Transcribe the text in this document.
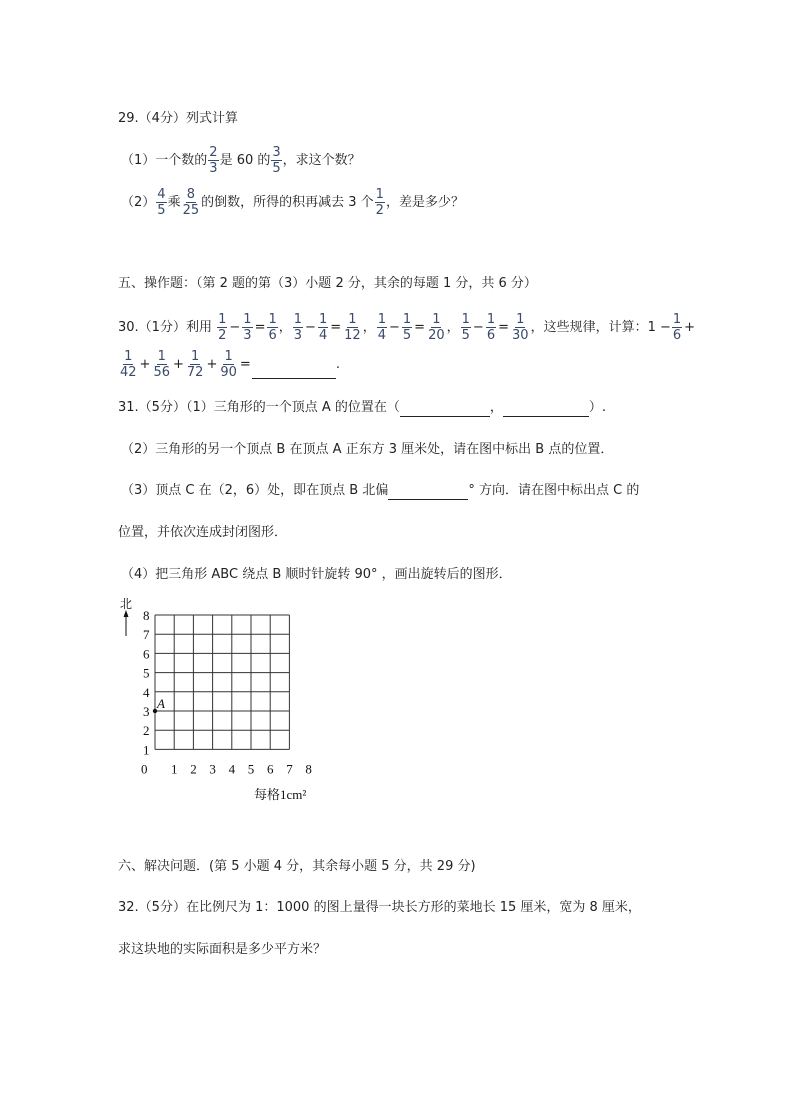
29.（4分）列式计算
（1）一个数的 $\frac{2}{3}$ 是 60 的 $\frac{3}{5}$ ，求这个数？
$(2) \frac{4}{5}$ 乘 $\frac{8}{25}$ 的倒数，所得的积再减去 3 个 $\frac{1}{2}$ ，差是多少？
五、操作题：（第 2 题的第（3）小题 2 分，其余的每题 1 分，共 6 分）
30.（1分）利用 $\frac{1}{2} - \frac{1}{3} = \frac{1}{6}$ ， $\frac{1}{3} - \frac{1}{4} = \frac{1}{12}$ ， $\frac{1}{4} - \frac{1}{5} = \frac{1}{20}$ ， $\frac{1}{5} - \frac{1}{6} = \frac{1}{30}$ ，这些规律，计算：$1 - \frac{1}{6}$ +
$\frac{1}{42} + \frac{1}{56} + \frac{1}{72} + \frac{1}{90}$ =	.
31.（5分）（1）三角形的一个顶点 A 的位置在（	，	）.
（2）三角形的另一个顶点 B 在顶点 A 正东方 3 厘米处，请在图中标出 B 点的位置．
（3）顶点 C 在（2，6）处，即在顶点 B 北偏	° 方向．请在图中标出点 C 的
位置，并依次连成封闭图形．
（4）把三角形 ABC 绕点 B 顺时针旋转 90° ，画出旋转后的图形．
8
7
6
5
4
3
2
1
0 1 2 3 4 5 6 7 8
北
A
每格1cm²
六、解决问题．(第 5 小题 4 分，其余每小题 5 分，共 29 分)
32.（5分）在比例尺为 1：1000 的图上量得一块长方形的菜地长 15 厘米，宽为 8 厘米，
求这块地的实际面积是多少平方米？
